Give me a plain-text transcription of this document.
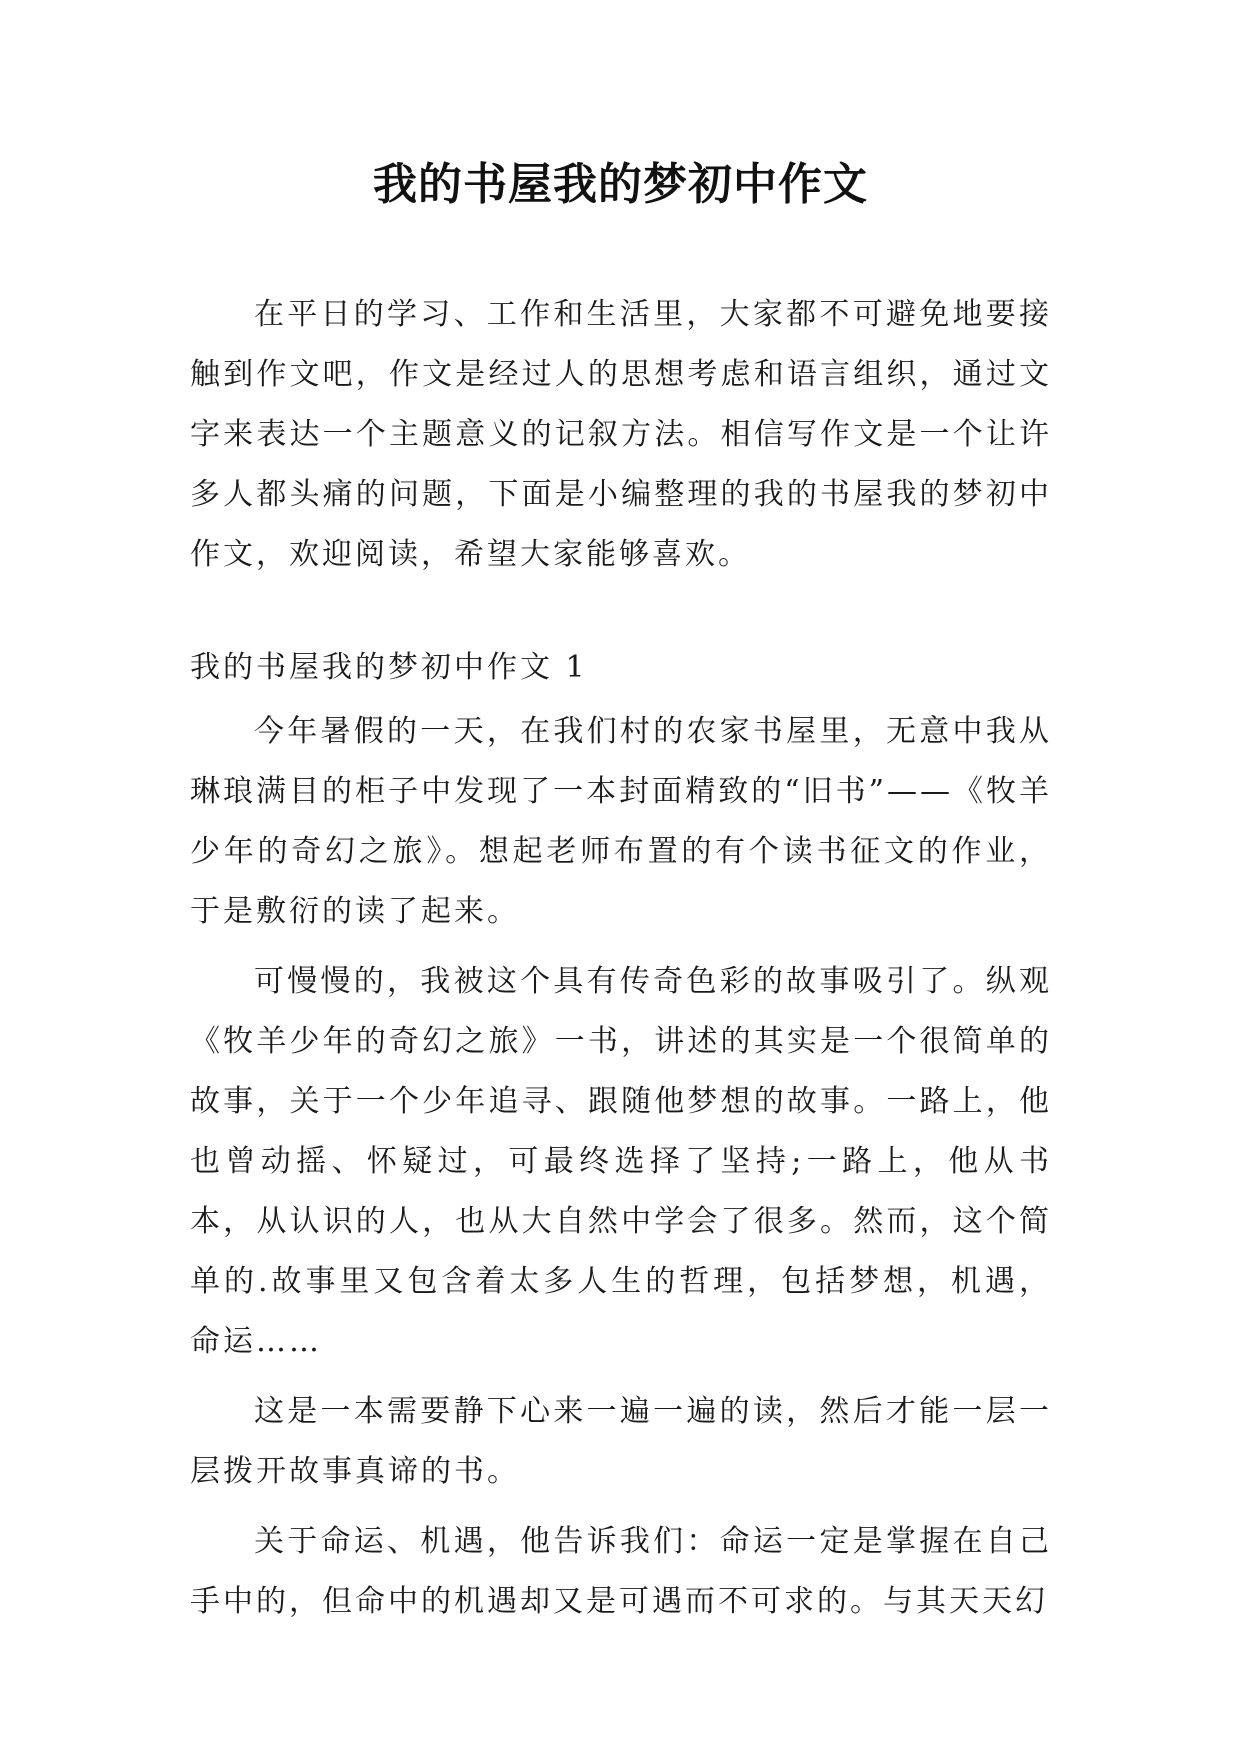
我的书屋我的梦初中作文

在平日的学习、工作和生活里，大家都不可避免地要接触到作文吧，作文是经过人的思想考虑和语言组织，通过文字来表达一个主题意义的记叙方法。相信写作文是一个让许多人都头痛的问题，下面是小编整理的我的书屋我的梦初中作文，欢迎阅读，希望大家能够喜欢。

我的书屋我的梦初中作文 1

今年暑假的一天，在我们村的农家书屋里，无意中我从琳琅满目的柜子中发现了一本封面精致的“旧书”——《牧羊少年的奇幻之旅》。想起老师布置的有个读书征文的作业，于是敷衍的读了起来。

可慢慢的，我被这个具有传奇色彩的故事吸引了。纵观《牧羊少年的奇幻之旅》一书，讲述的其实是一个很简单的故事，关于一个少年追寻、跟随他梦想的故事。一路上，他也曾动摇、怀疑过，可最终选择了坚持;一路上，他从书本，从认识的人，也从大自然中学会了很多。然而，这个简单的.故事里又包含着太多人生的哲理，包括梦想，机遇，命运……

这是一本需要静下心来一遍一遍的读，然后才能一层一层拨开故事真谛的书。

关于命运、机遇，他告诉我们：命运一定是掌握在自己手中的，但命中的机遇却又是可遇而不可求的。与其天天幻
